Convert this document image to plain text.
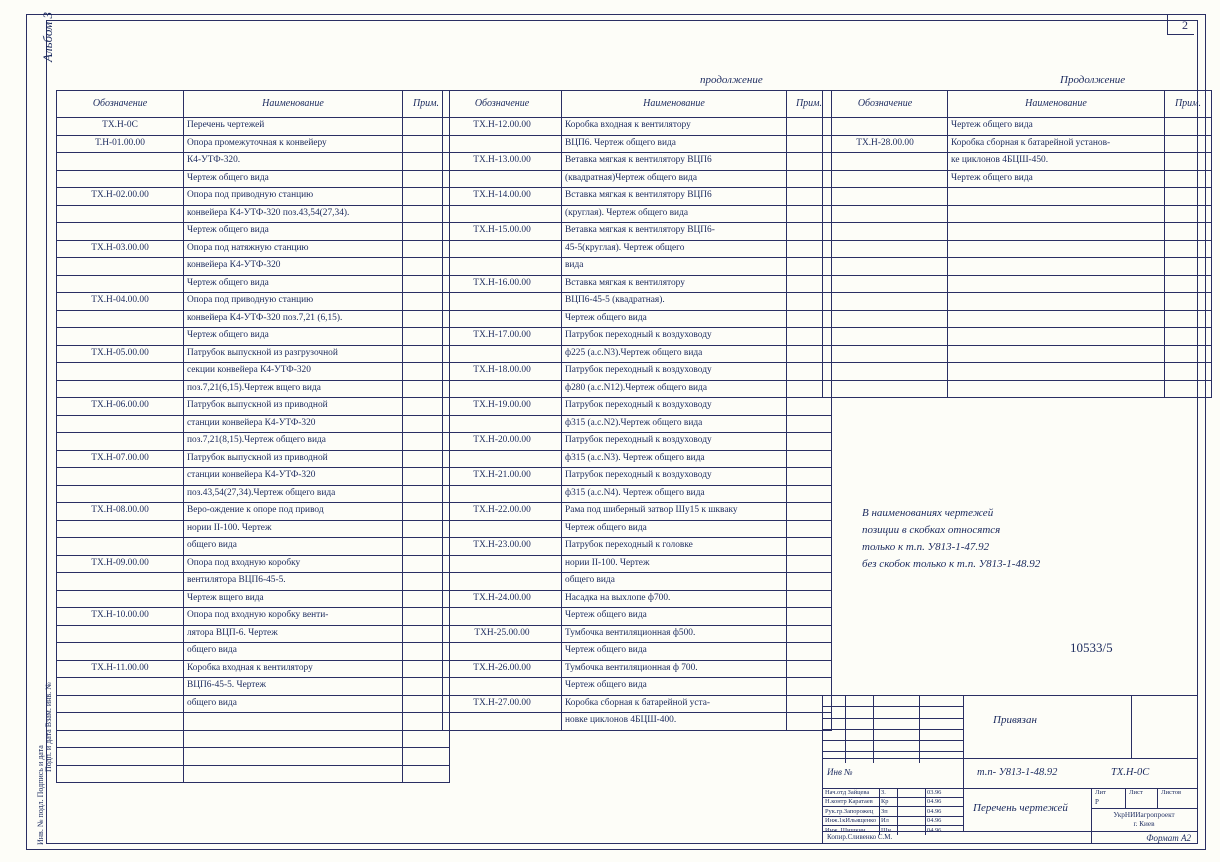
2
Альбом 3
Инв. № подл. Подпись и дата
Подп. и дата Взам. инв. №
продолжение	Продолжение
Обозначение	Наименование	Прим.
ТХ.Н-0С	Перечень чертежей	
Т.Н-01.00.00	Опора промежуточная к конвейеру	
	К4-УТФ-320.	
	Чертеж общего вида	
ТХ.Н-02.00.00	Опора под приводную станцию	
	конвейера К4-УТФ-320 поз.43,54(27,34).	
	Чертеж общего вида	
ТХ.Н-03.00.00	Опора под натяжную станцию	
	конвейера К4-УТФ-320	
	Чертеж общего вида	
ТХ.Н-04.00.00	Опора под приводную станцию	
	конвейера К4-УТФ-320 поз.7,21 (6,15).	
	Чертеж общего вида	
ТХ.Н-05.00.00	Патрубок выпускной из разгрузочной	
	секции конвейера К4-УТФ-320	
	поз.7,21(6,15).Чертеж вщего вида	
ТХ.Н-06.00.00	Патрубок выпускной из приводной	
	станции конвейера К4-УТФ-320	
	поз.7,21(8,15).Чертеж общего вида	
ТХ.Н-07.00.00	Патрубок выпускной из приводной	
	станции конвейера К4-УТФ-320	
	поз.43,54(27,34).Чертеж общего вида	
ТХ.Н-08.00.00	Веро-ождение к опоре под привод	
	нории II-100. Чертеж	
	общего вида	
ТХ.Н-09.00.00	Опора под входную коробку	
	вентилятора ВЦП6-45-5.	
	Чертеж вщего вида	
ТХ.Н-10.00.00	Опора под входную коробку венти-	
	лятора ВЦП-6. Чертеж	
	общего вида	
ТХ.Н-11.00.00	Коробка входная к вентилятору	
	ВЦП6-45-5. Чертеж	
	общего вида	

Обозначение	Наименование	Прим.
ТХ.Н-12.00.00	Коробка входная к вентилятору	
	ВЦП6. Чертеж общего вида	
ТХ.Н-13.00.00	Ветавка мягкая к вентилятору ВЦП6	
	(квадратная)Чертеж общего вида	
ТХ.Н-14.00.00	Вставка мягкая к вентилятору ВЦП6	
	(круглая). Чертеж общего вида	
ТХ.Н-15.00.00	Ветавка мягкая к вентилятору ВЦП6-	
	45-5(круглая). Чертеж общего	
	вида	
ТХ.Н-16.00.00	Вставка мягкая к вентилятору	
	ВЦП6-45-5 (квадратная).	
	Чертеж общего вида	
ТХ.Н-17.00.00	Патрубок переходный к воздуховоду	
	ф225 (а.с.N3).Чертеж общего вида	
ТХ.Н-18.00.00	Патрубок переходный к воздуховоду	
	ф280 (а.с.N12).Чертеж общего вида	
ТХ.Н-19.00.00	Патрубок переходный к воздуховоду	
	ф315 (а.с.N2).Чертеж общего вида	
ТХ.Н-20.00.00	Патрубок переходный к воздуховоду	
	ф315 (а.с.N3). Чертеж общего вида	
ТХ.Н-21.00.00	Патрубок переходный к воздуховоду	
	ф315 (а.с.N4). Чертеж общего вида	
ТХ.Н-22.00.00	Рама под шиберный затвор Шу15 к шкваку	
	Чертеж общего вида	
ТХ.Н-23.00.00	Патрубок переходный к головке	
	нории II-100. Чертеж	
	общего вида	
ТХ.Н-24.00.00	Насадка на выхлопе ф700.	
	Чертеж общего вида	
ТХН-25.00.00	Тумбочка вентиляционная ф500.	
	Чертеж общего вида	
ТХ.Н-26.00.00	Тумбочка вентиляционная ф 700.	
	Чертеж общего вида	
ТХ.Н-27.00.00	Коробка сборная к батарейной уста-	
	новке циклонов 4БЦШ-400.	
Обозначение	Наименование	Прим.
	Чертеж общего вида	
ТХ.Н-28.00.00	Коробка сборная к батарейной установ-	
	ке циклонов 4БЦШ-450.	
	Чертеж общего вида	

В наименованиях чертежей
позиции в скобках относятся
только к т.п. У813-1-47.92
без скобок только к т.п. У813-1-48.92
10533/5
Привязан
Инв №	т.п- У813-1-48.92	ТХ.Н-0С
Нач.отд Зайцева З.	03.96
Н.контр Каратаев Кр	04.96
Рук.гр.Запорожец Зп	04.96
Инж.1кИльященко Ил	04.96
Инж. Шишкин Шн	04.96
Перечень чертежей
Лит	Лист	Листов
Р
УкрНИИагропроект
г. Киев
Копир.Сливенко С.М.	Формат А2
